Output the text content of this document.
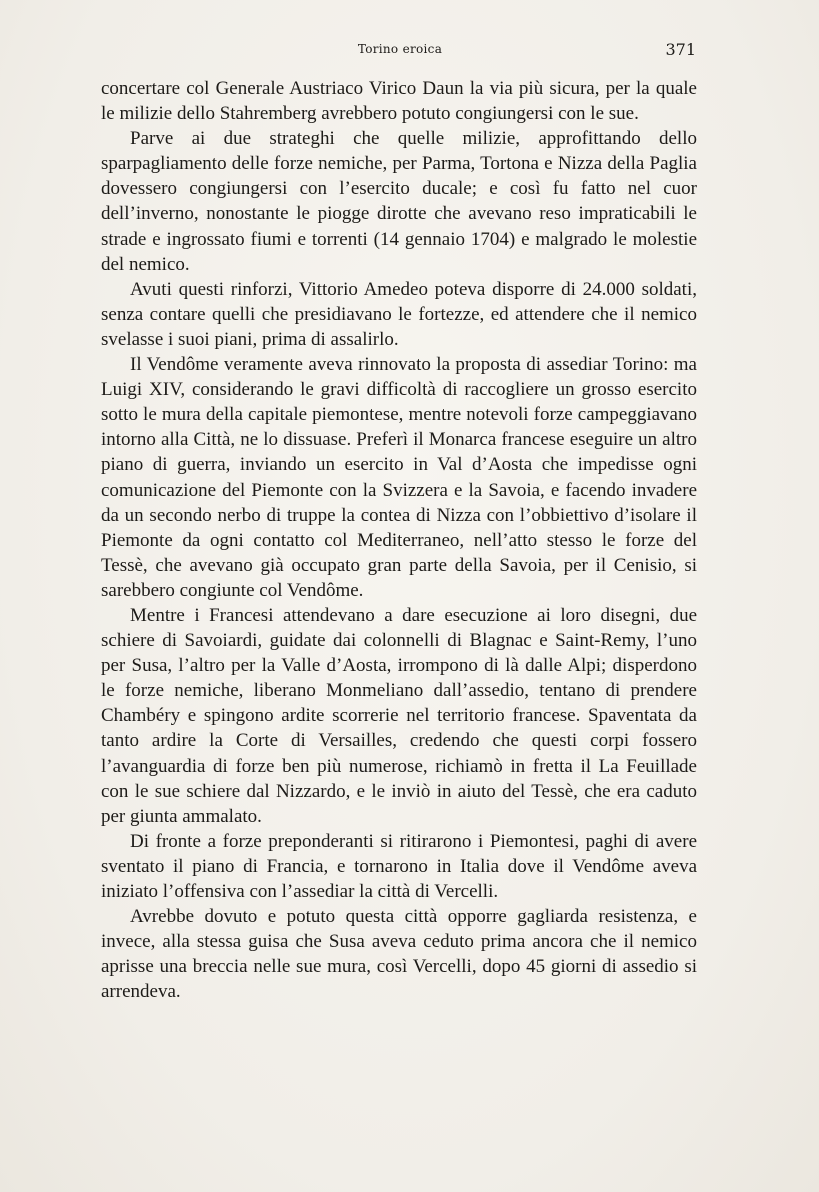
Torino eroica	371

concertare col Generale Austriaco Virico Daun la via più sicura, per la quale le milizie dello Stahremberg avrebbero potuto congiungersi con le sue.

Parve ai due strateghi che quelle milizie, approfittando dello sparpagliamento delle forze nemiche, per Parma, Tortona e Nizza della Paglia dovessero congiungersi con l’esercito ducale; e così fu fatto nel cuor dell’inverno, nonostante le piogge dirotte che avevano reso impraticabili le strade e ingrossato fiumi e torrenti (14 gennaio 1704) e malgrado le molestie del nemico.

Avuti questi rinforzi, Vittorio Amedeo poteva disporre di 24.000 soldati, senza contare quelli che presidiavano le fortezze, ed attendere che il nemico svelasse i suoi piani, prima di assalirlo.

Il Vendôme veramente aveva rinnovato la proposta di assediar Torino: ma Luigi XIV, considerando le gravi difficoltà di raccogliere un grosso esercito sotto le mura della capitale piemontese, mentre notevoli forze campeggiavano intorno alla Città, ne lo dissuase. Preferì il Monarca francese eseguire un altro piano di guerra, inviando un esercito in Val d’Aosta che impedisse ogni comunicazione del Piemonte con la Svizzera e la Savoia, e facendo invadere da un secondo nerbo di truppe la contea di Nizza con l’obbiettivo d’isolare il Piemonte da ogni contatto col Mediterraneo, nell’atto stesso le forze del Tessè, che avevano già occupato gran parte della Savoia, per il Cenisio, si sarebbero congiunte col Vendôme.

Mentre i Francesi attendevano a dare esecuzione ai loro disegni, due schiere di Savoiardi, guidate dai colonnelli di Blagnac e Saint-Remy, l’uno per Susa, l’altro per la Valle d’Aosta, irrompono di là dalle Alpi; disperdono le forze nemiche, liberano Monmeliano dall’assedio, tentano di prendere Chambéry e spingono ardite scorrerie nel territorio francese. Spaventata da tanto ardire la Corte di Versailles, credendo che questi corpi fossero l’avanguardia di forze ben più numerose, richiamò in fretta il La Feuillade con le sue schiere dal Nizzardo, e le inviò in aiuto del Tessè, che era caduto per giunta ammalato.

Di fronte a forze preponderanti si ritirarono i Piemontesi, paghi di avere sventato il piano di Francia, e tornarono in Italia dove il Vendôme aveva iniziato l’offensiva con l’assediar la città di Vercelli.

Avrebbe dovuto e potuto questa città opporre gagliarda resistenza, e invece, alla stessa guisa che Susa aveva ceduto prima ancora che il nemico aprisse una breccia nelle sue mura, così Vercelli, dopo 45 giorni di assedio si arrendeva.
